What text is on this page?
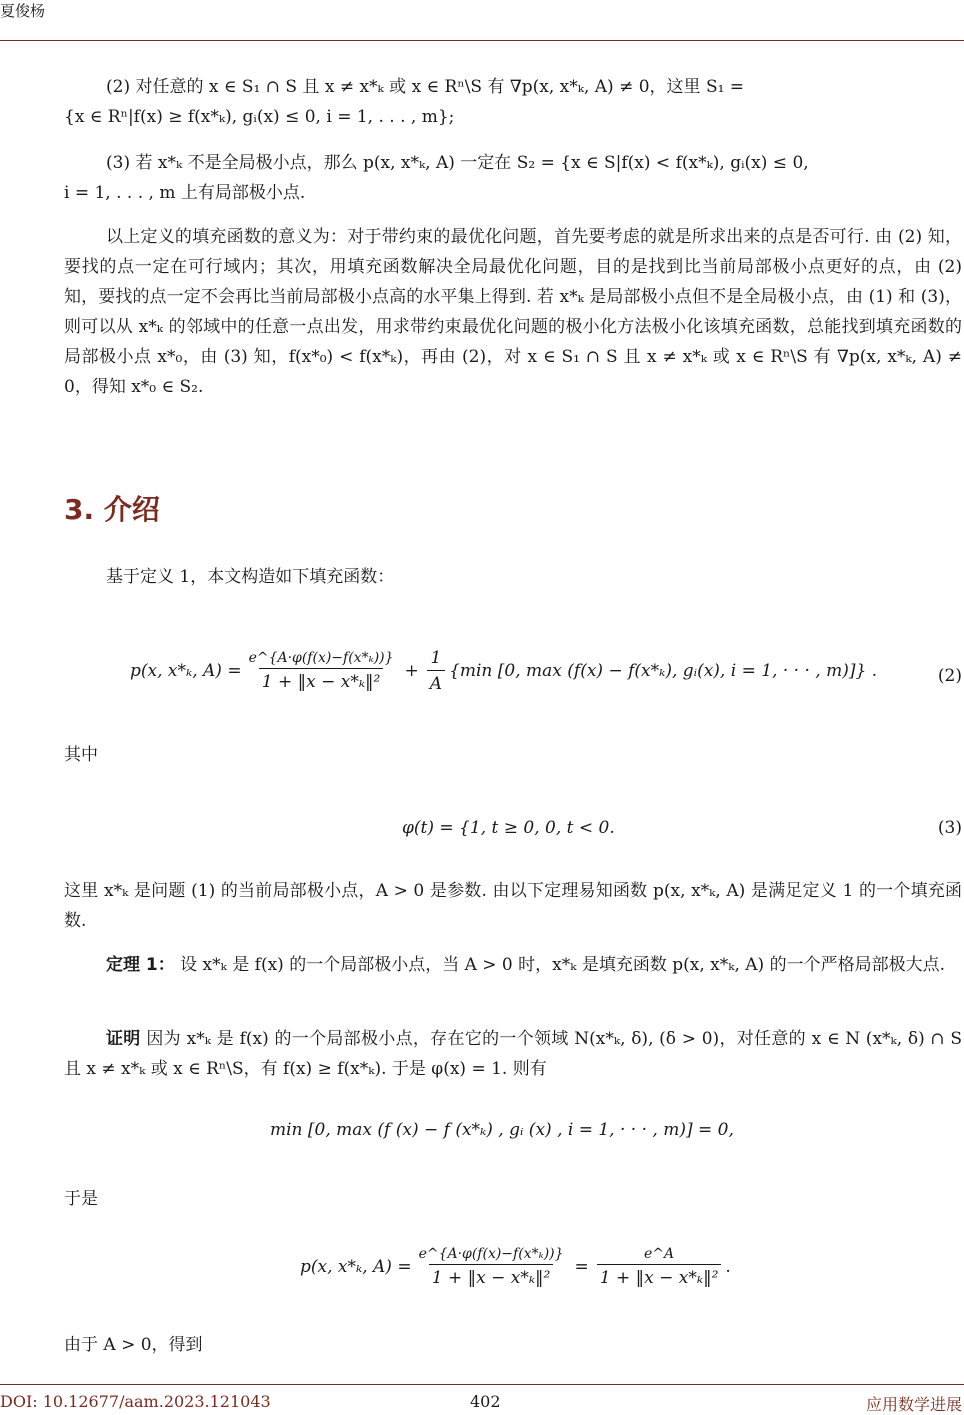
夏俊杨
(2) 对任意的 x ∈ S₁ ∩ S 且 x ≠ x*ₖ 或 x ∈ Rⁿ\S 有 ∇p(x, x*ₖ, A) ≠ 0，这里 S₁ =
{x ∈ Rⁿ|f(x) ≥ f(x*ₖ), gᵢ(x) ≤ 0, i = 1, . . . , m};
(3) 若 x*ₖ 不是全局极小点，那么 p(x, x*ₖ, A) 一定在 S₂ = {x ∈ S|f(x) < f(x*ₖ), gᵢ(x) ≤ 0,
i = 1, . . . , m 上有局部极小点.
以上定义的填充函数的意义为：对于带约束的最优化问题，首先要考虑的就是所求出来的点是否可行. 由 (2) 知，要找的点一定在可行域内；其次，用填充函数解决全局最优化问题，目的是找到比当前局部极小点更好的点，由 (2) 知，要找的点一定不会再比当前局部极小点高的水平集上得到. 若 x*ₖ 是局部极小点但不是全局极小点，由 (1) 和 (3)，则可以从 x*ₖ 的邻域中的任意一点出发，用求带约束最优化问题的极小化方法极小化该填充函数，总能找到填充函数的局部极小点 x*₀，由 (3) 知，f(x*₀) < f(x*ₖ)，再由 (2)，对 x ∈ S₁ ∩ S 且 x ≠ x*ₖ 或 x ∈ Rⁿ\S 有 ∇p(x, x*ₖ, A) ≠ 0，得知 x*₀ ∈ S₂.
3. 介绍
基于定义 1，本文构造如下填充函数：
p(x, x*ₖ, $A) = \frac{\text{e\textasciicircum{}\{A·φ(f(x)−f(x*ₖ))\}}}{\text{1 + ‖x − x*ₖ‖²}} + \frac{1}{A} \{\min$ [0, max (f(x) − f(x*ₖ), gᵢ(x), i = 1, · · · , m)]} .	(2)
其中
φ(t) = {1, t ≥ 0, 0, t < 0.	(3)
这里 x*ₖ 是问题 (1) 的当前局部极小点，A > 0 是参数. 由以下定理易知函数 p(x, x*ₖ, A) 是满足定义 1 的一个填充函数.
定理 1： 设 x*ₖ 是 f(x) 的一个局部极小点，当 A > 0 时，x*ₖ 是填充函数 p(x, x*ₖ, A) 的一个严格局部极大点.
证明 因为 x*ₖ 是 f(x) 的一个局部极小点，存在它的一个领域 N(x*ₖ, δ), (δ > 0)，对任意的 x ∈ N (x*ₖ, δ) ∩ S 且 x ≠ x*ₖ 或 x ∈ Rⁿ\S，有 f(x) ≥ f(x*ₖ). 于是 φ(x) = 1. 则有
min [0, max (f (x) − f (x*ₖ) , gᵢ (x) , i = 1, · · · , m)] = 0,
于是
p(x, x*ₖ, $A) = \frac{\text{e\textasciicircum{}\{A·φ(f(x)−f(x*ₖ))\}}}{\text{1 + ‖x − x*ₖ‖²}} = \frac{e\^{}A}{\text{1 + ‖x − x*ₖ‖²}}$ .
由于 A > 0，得到
DOI: 10.12677/aam.2023.121043	402	应用数学进展
